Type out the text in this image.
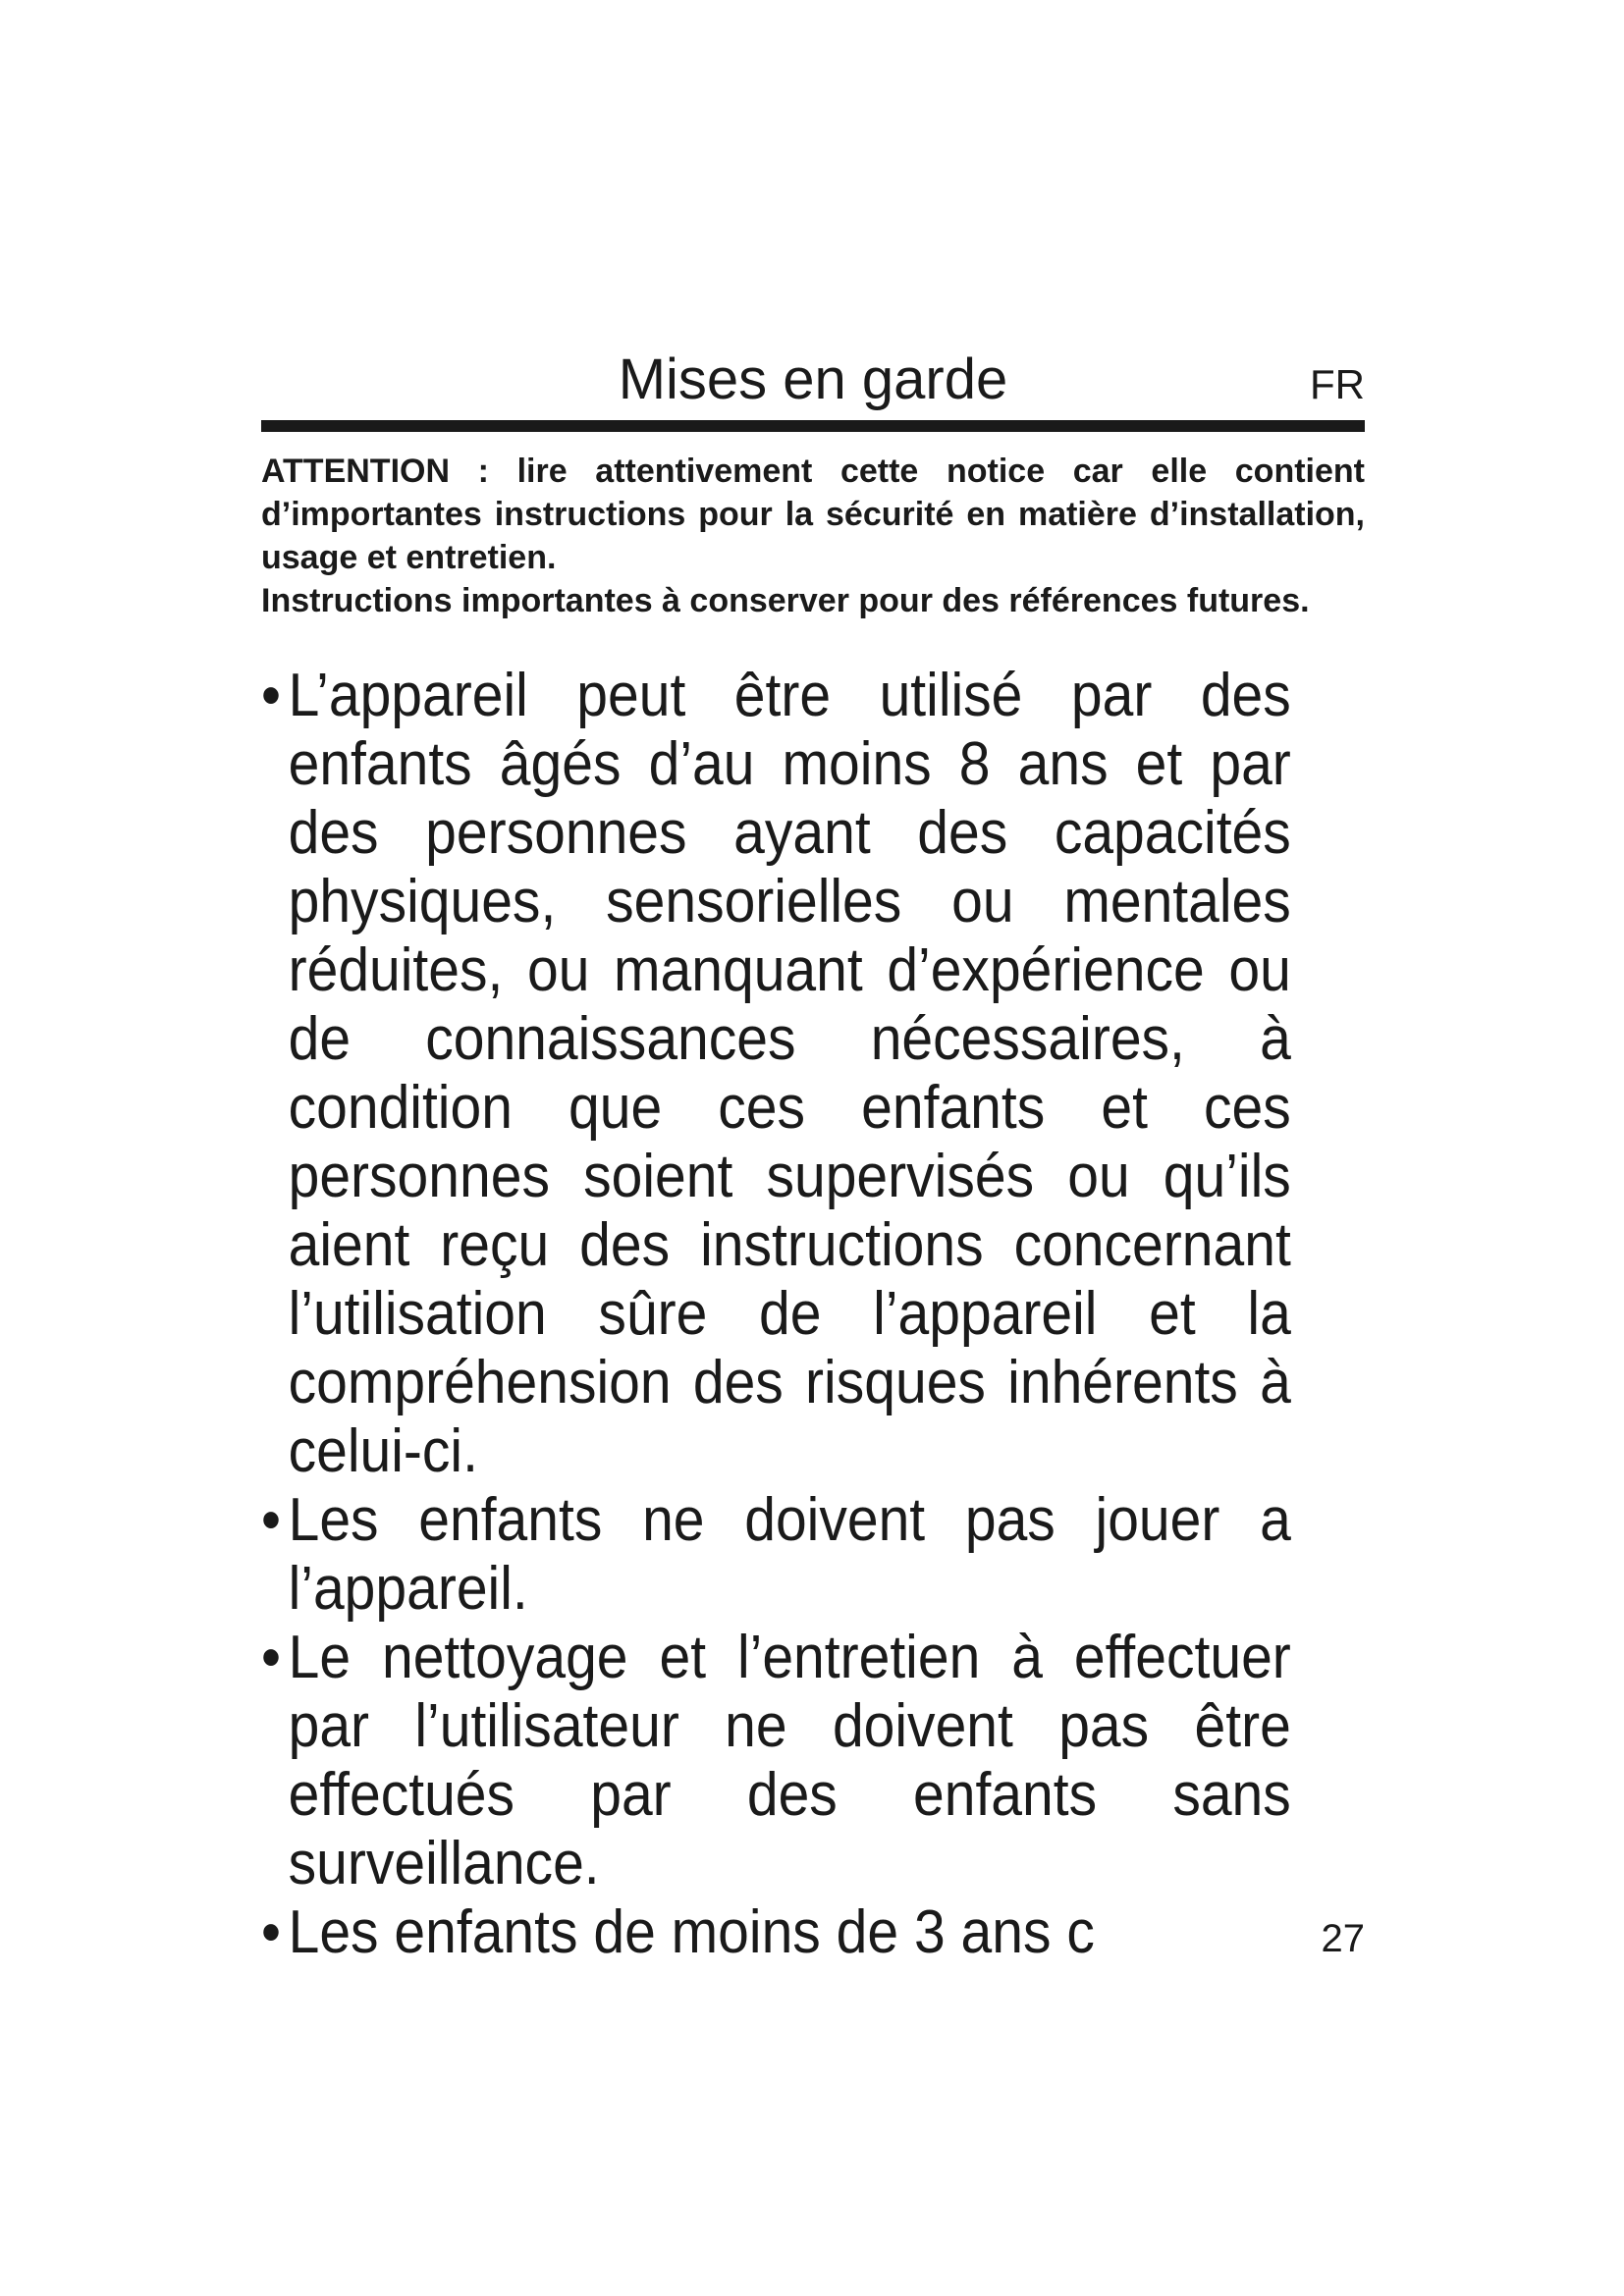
Mises en garde	FR

ATTENTION : lire attentivement cette notice car elle contient d’importantes instructions pour la sécurité en matière d’installation, usage et entretien.

Instructions importantes à conserver pour des références futures.

• L’appareil peut être utilisé par des enfants âgés d’au moins 8 ans et par des personnes ayant des capacités physiques, sensorielles ou mentales réduites, ou manquant d’expérience ou de connaissances nécessaires, à condition que ces enfants et ces personnes soient supervisés ou qu’ils aient reçu des instructions concernant l’utilisation sûre de l’appareil et la compréhension des risques inhérents à celui-ci.
• Les enfants ne doivent pas jouer a l’appareil.
• Le nettoyage et l’entretien à effectuer par l’utilisateur ne doivent pas être effectués par des enfants sans surveillance.
• Les enfants de moins de 3 ans c	27
